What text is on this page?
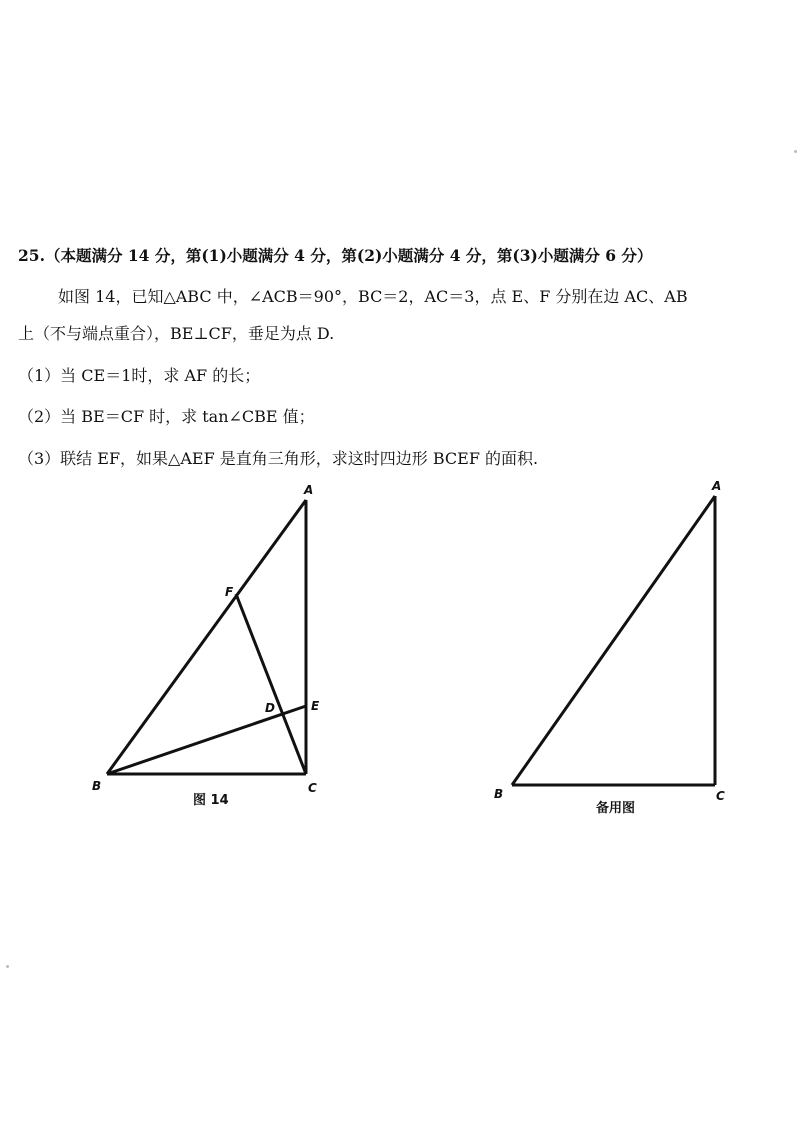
25.（本题满分 14 分，第(1)小题满分 4 分，第(2)小题满分 4 分，第(3)小题满分 6 分）
如图 14，已知△ABC 中，∠ACB＝90°，BC＝2，AC＝3，点 E、F 分别在边 AC、AB
上（不与端点重合），BE⊥CF，垂足为点 D.
（1）当 CE＝1时，求 AF 的长；
（2）当 BE＝CF 时，求 tan∠CBE 值；
（3）联结 EF，如果△AEF 是直角三角形，求这时四边形 BCEF 的面积.
A
B	C
D	E
F
图 14
A
B	C
备用图
